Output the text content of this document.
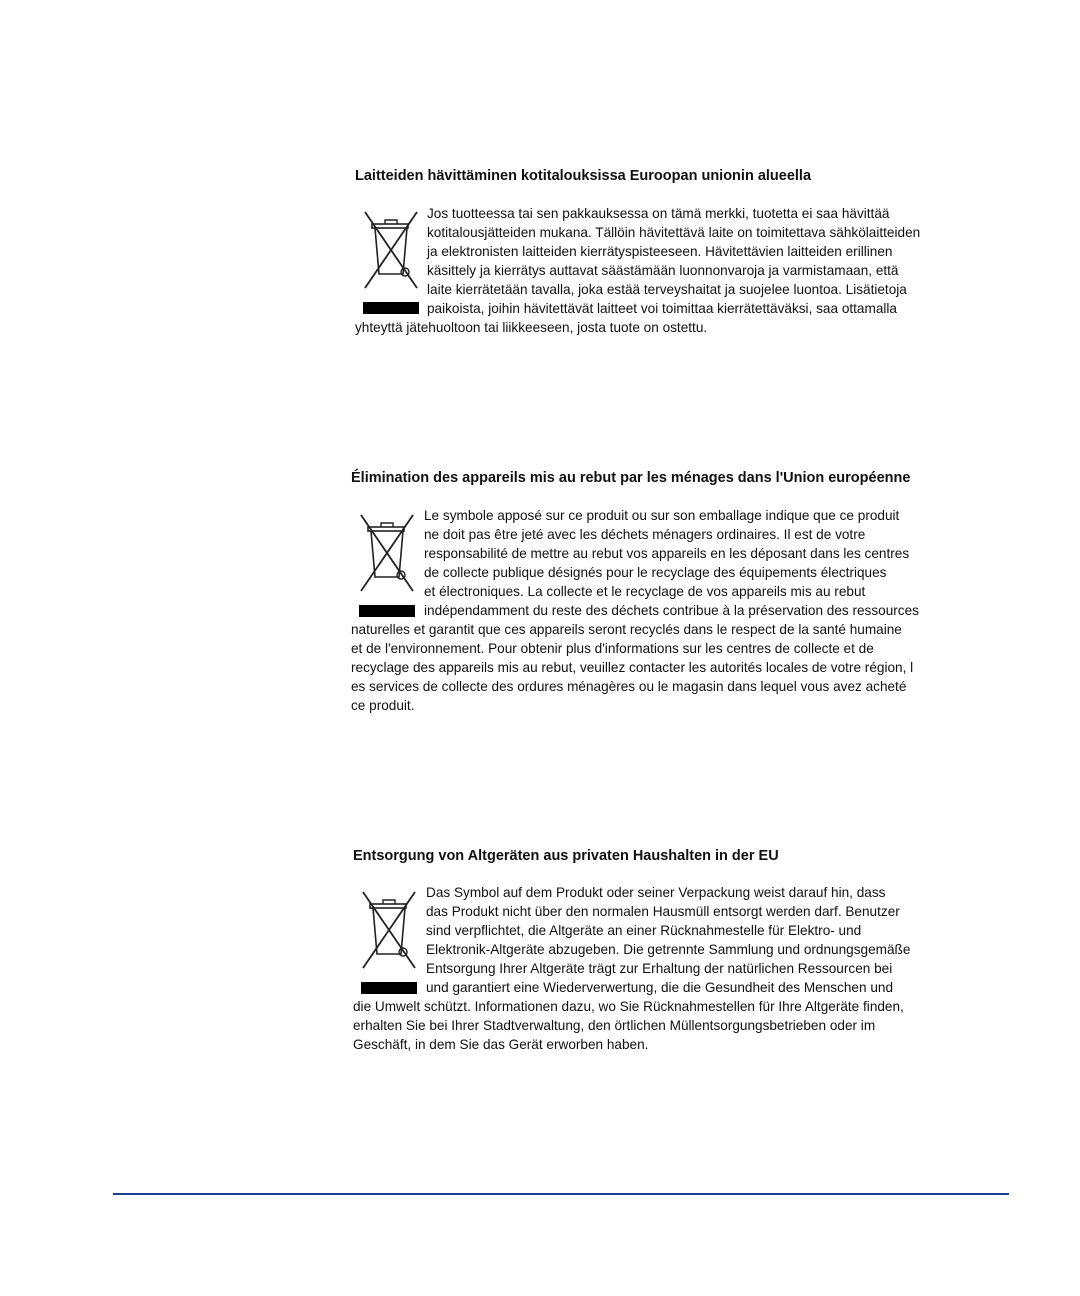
Laitteiden hävittäminen kotitalouksissa Euroopan unionin alueella
Jos tuotteessa tai sen pakkauksessa on tämä merkki, tuotetta ei saa hävittää
kotitalousjätteiden mukana. Tällöin hävitettävä laite on toimitettava sähkölaitteiden
ja elektronisten laitteiden kierrätyspisteeseen. Hävitettävien laitteiden erillinen
käsittely ja kierrätys auttavat säästämään luonnonvaroja ja varmistamaan, että
laite kierrätetään tavalla, joka estää terveyshaitat ja suojelee luontoa. Lisätietoja
paikoista, joihin hävitettävät laitteet voi toimittaa kierrätettäväksi, saa ottamalla
yhteyttä jätehuoltoon tai liikkeeseen, josta tuote on ostettu.
Élimination des appareils mis au rebut par les ménages dans l'Union européenne
Le symbole apposé sur ce produit ou sur son emballage indique que ce produit
ne doit pas être jeté avec les déchets ménagers ordinaires. Il est de votre
responsabilité de mettre au rebut vos appareils en les déposant dans les centres
de collecte publique désignés pour le recyclage des équipements électriques
et électroniques. La collecte et le recyclage de vos appareils mis au rebut
indépendamment du reste des déchets contribue à la préservation des ressources
naturelles et garantit que ces appareils seront recyclés dans le respect de la santé humaine
et de l'environnement. Pour obtenir plus d'informations sur les centres de collecte et de
recyclage des appareils mis au rebut, veuillez contacter les autorités locales de votre région, l
es services de collecte des ordures ménagères ou le magasin dans lequel vous avez acheté
ce produit.
Entsorgung von Altgeräten aus privaten Haushalten in der EU
Das Symbol auf dem Produkt oder seiner Verpackung weist darauf hin, dass
das Produkt nicht über den normalen Hausmüll entsorgt werden darf. Benutzer
sind verpflichtet, die Altgeräte an einer Rücknahmestelle für Elektro- und
Elektronik-Altgeräte abzugeben. Die getrennte Sammlung und ordnungsgemäße
Entsorgung Ihrer Altgeräte trägt zur Erhaltung der natürlichen Ressourcen bei
und garantiert eine Wiederverwertung, die die Gesundheit des Menschen und
die Umwelt schützt. Informationen dazu, wo Sie Rücknahmestellen für Ihre Altgeräte finden,
erhalten Sie bei Ihrer Stadtverwaltung, den örtlichen Müllentsorgungsbetrieben oder im
Geschäft, in dem Sie das Gerät erworben haben.
